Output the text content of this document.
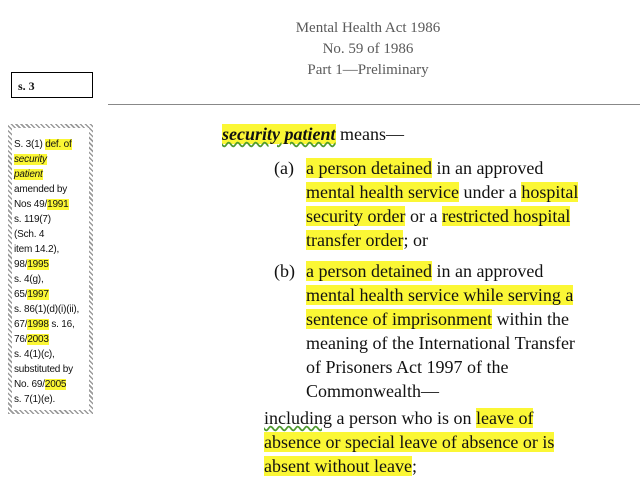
Mental Health Act 1986
No. 59 of 1986
Part 1—Preliminary
s. 3
S. 3(1) def. of
security
patient
amended by
Nos 49/1991
s. 119(7)
(Sch. 4
item 14.2),
98/1995
s. 4(g),
65/1997
s. 86(1)(d)(i)(ii),
67/1998 s. 16,
76/2003
s. 4(1)(c),
substituted by
No. 69/2005
s. 7(1)(e).
security patient means—
(a) a person detained in an approved
mental health service under a hospital
security order or a restricted hospital
transfer order; or
(b) a person detained in an approved
mental health service while serving a
sentence of imprisonment within the
meaning of the International Transfer
of Prisoners Act 1997 of the
Commonwealth—
including a person who is on leave of
absence or special leave of absence or is
absent without leave;
